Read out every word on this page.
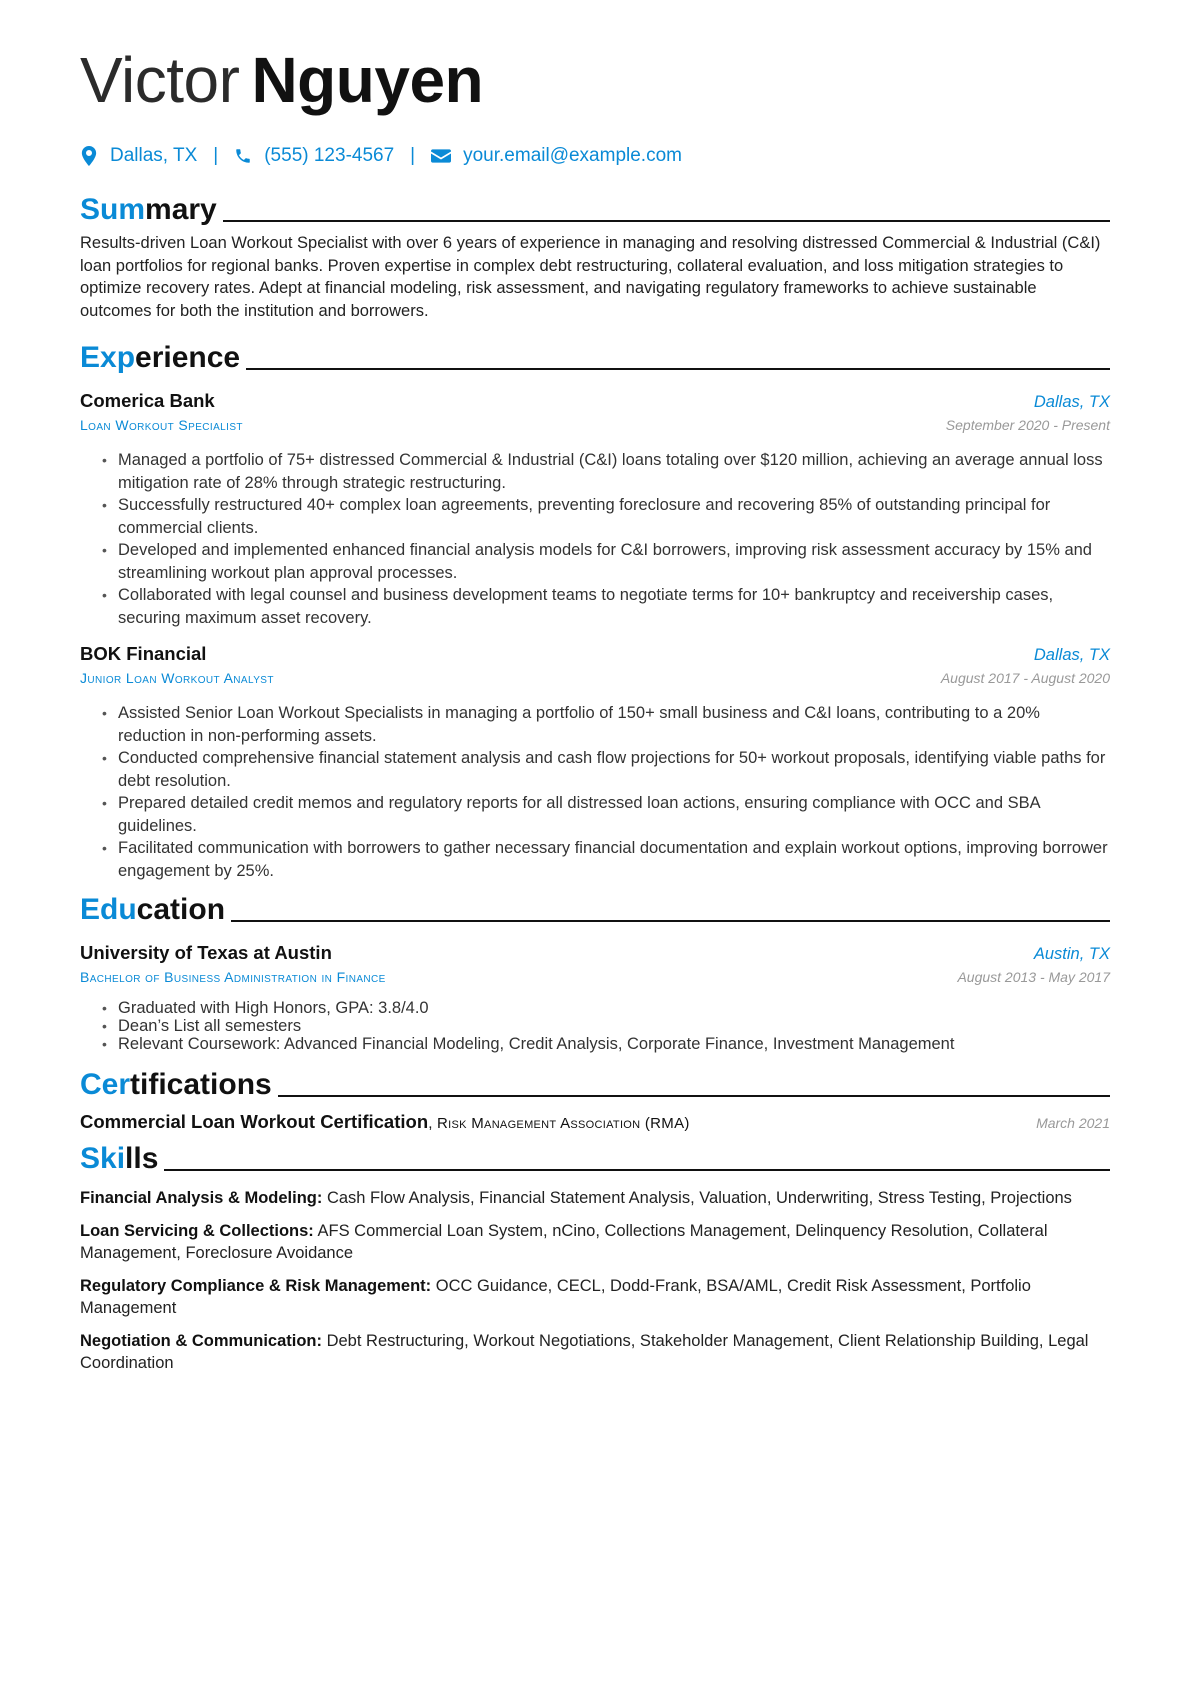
Victor Nguyen
Dallas, TX | (555) 123-4567 |	your.email@example.com
Summary
Results-driven Loan Workout Specialist with over 6 years of experience in managing and resolving distressed Commercial & Industrial (C&I) loan portfolios for regional banks. Proven expertise in complex debt restructuring, collateral evaluation, and loss mitigation strategies to optimize recovery rates. Adept at financial modeling, risk assessment, and navigating regulatory frameworks to achieve sustainable outcomes for both the institution and borrowers.
Experience
Comerica Bank	Dallas, TX
Loan Workout Specialist	September 2020 - Present
• Managed a portfolio of 75+ distressed Commercial & Industrial (C&I) loans totaling over $120 million, achieving an average annual loss mitigation rate of 28% through strategic restructuring.
• Successfully restructured 40+ complex loan agreements, preventing foreclosure and recovering 85% of outstanding principal for commercial clients.
• Developed and implemented enhanced financial analysis models for C&I borrowers, improving risk assessment accuracy by 15% and streamlining workout plan approval processes.
• Collaborated with legal counsel and business development teams to negotiate terms for 10+ bankruptcy and receivership cases, securing maximum asset recovery.
BOK Financial	Dallas, TX
Junior Loan Workout Analyst	August 2017 - August 2020
• Assisted Senior Loan Workout Specialists in managing a portfolio of 150+ small business and C&I loans, contributing to a 20% reduction in non-performing assets.
• Conducted comprehensive financial statement analysis and cash flow projections for 50+ workout proposals, identifying viable paths for debt resolution.
• Prepared detailed credit memos and regulatory reports for all distressed loan actions, ensuring compliance with OCC and SBA guidelines.
• Facilitated communication with borrowers to gather necessary financial documentation and explain workout options, improving borrower engagement by 25%.
Education
University of Texas at Austin	Austin, TX
Bachelor of Business Administration in Finance	August 2013 - May 2017
• Graduated with High Honors, GPA: 3.8/4.0
• Dean’s List all semesters
• Relevant Coursework: Advanced Financial Modeling, Credit Analysis, Corporate Finance, Investment Management
Certifications
Commercial Loan Workout Certification, Risk Management Association (RMA)	March 2021
Skills
Financial Analysis & Modeling: Cash Flow Analysis, Financial Statement Analysis, Valuation, Underwriting, Stress Testing, Projections
Loan Servicing & Collections: AFS Commercial Loan System, nCino, Collections Management, Delinquency Resolution, Collateral Management, Foreclosure Avoidance
Regulatory Compliance & Risk Management: OCC Guidance, CECL, Dodd-Frank, BSA/AML, Credit Risk Assessment, Portfolio Management
Negotiation & Communication: Debt Restructuring, Workout Negotiations, Stakeholder Management, Client Relationship Building, Legal Coordination
